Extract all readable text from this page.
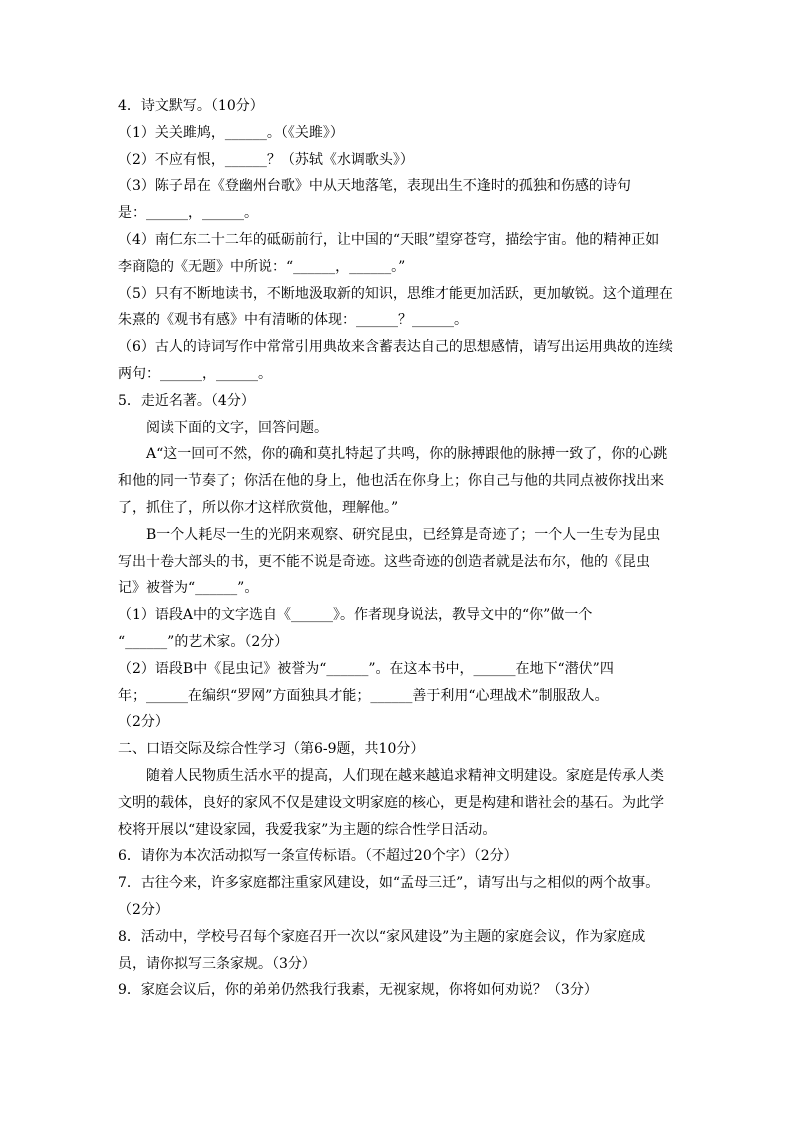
4．诗文默写。（10分）
（1）关关雎鸠，______。（《关雎》）
（2）不应有恨，______？（苏轼《水调歌头》）
（3）陈子昂在《登幽州台歌》中从天地落笔，表现出生不逢时的孤独和伤感的诗句
是：______，______。
（4）南仁东二十二年的砥砺前行，让中国的“天眼”望穿苍穹，描绘宇宙。他的精神正如
李商隐的《无题》中所说：“______，______。”
（5）只有不断地读书，不断地汲取新的知识，思维才能更加活跃，更加敏锐。这个道理在
朱熹的《观书有感》中有清晰的体现：______？______。
（6）古人的诗词写作中常常引用典故来含蓄表达自己的思想感情，请写出运用典故的连续
两句：______，______。
5．走近名著。（4分）
阅读下面的文字，回答问题。
A“这一回可不然，你的确和莫扎特起了共鸣，你的脉搏跟他的脉搏一致了，你的心跳
和他的同一节奏了；你活在他的身上，他也活在你身上；你自己与他的共同点被你找出来
了，抓住了，所以你才这样欣赏他，理解他。”
B一个人耗尽一生的光阴来观察、研究昆虫，已经算是奇迹了；一个人一生专为昆虫
写出十卷大部头的书，更不能不说是奇迹。这些奇迹的创造者就是法布尔，他的《昆虫
记》被誉为“______”。
（1）语段A中的文字选自《______》。作者现身说法，教导文中的“你”做一个
“______”的艺术家。（2分）
（2）语段B中《昆虫记》被誉为“______”。在这本书中，______在地下“潜伏”四
年；______在编织“罗网”方面独具才能；______善于利用“心理战术”制服敌人。
（2分）
二、口语交际及综合性学习（第6-9题，共10分）
随着人民物质生活水平的提高，人们现在越来越追求精神文明建设。家庭是传承人类
文明的载体，良好的家风不仅是建设文明家庭的核心，更是构建和谐社会的基石。为此学
校将开展以“建设家园，我爱我家”为主题的综合性学日活动。
6．请你为本次活动拟写一条宣传标语。（不超过20个字）（2分）
7．古往今来，许多家庭都注重家风建设，如“孟母三迁”，请写出与之相似的两个故事。
（2分）
8．活动中，学校号召每个家庭召开一次以“家风建设”为主题的家庭会议，作为家庭成
员，请你拟写三条家规。（3分）
9．家庭会议后，你的弟弟仍然我行我素，无视家规，你将如何劝说？（3分）
